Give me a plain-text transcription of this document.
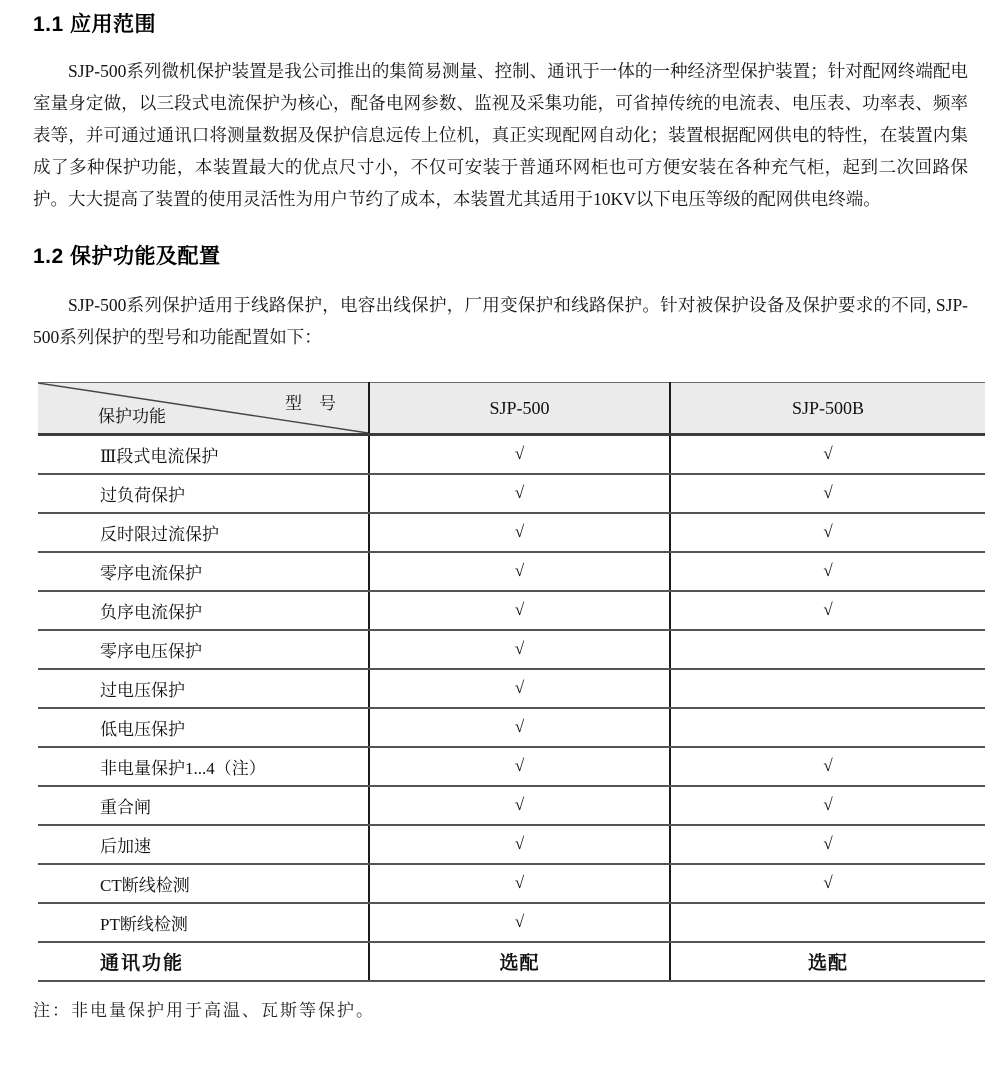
1.1 应用范围

SJP-500系列微机保护装置是我公司推出的集简易测量、控制、通讯于一体的一种经济型保护装置；针对配网终端配电室量身定做，以三段式电流保护为核心，配备电网参数、监视及采集功能，可省掉传统的电流表、电压表、功率表、频率表等，并可通过通讯口将测量数据及保护信息远传上位机，真正实现配网自动化；装置根据配网供电的特性，在装置内集成了多种保护功能，本装置最大的优点尺寸小，不仅可安装于普通环网柜也可方便安装在各种充气柜，起到二次回路保护。大大提高了装置的使用灵活性为用户节约了成本，本装置尤其适用于10KV以下电压等级的配网供电终端。

1.2 保护功能及配置

SJP-500系列保护适用于线路保护，电容出线保护，厂用变保护和线路保护。针对被保护设备及保护要求的不同, SJP-500系列保护的型号和功能配置如下：

型　号
保护功能	SJP-500	SJP-500B
Ⅲ段式电流保护	√	√
过负荷保护	√	√
反时限过流保护	√	√
零序电流保护	√	√
负序电流保护	√	√
零序电压保护	√	
过电压保护	√	
低电压保护	√	
非电量保护1...4（注）	√	√
重合闸	√	√
后加速	√	√
CT断线检测	√	√
PT断线检测	√	
通讯功能	选配	选配

注：非电量保护用于高温、瓦斯等保护。
